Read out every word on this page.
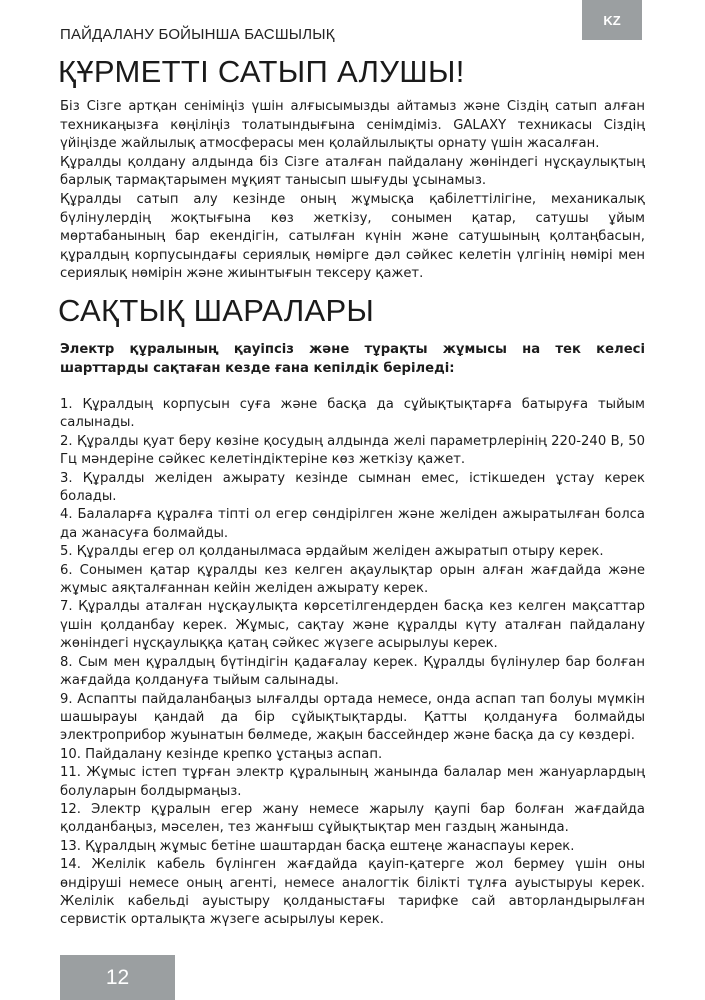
ПАЙДАЛАНУ БОЙЫНША БАСШЫЛЫҚ
KZ
ҚҰРМЕТТІ САТЫП АЛУШЫ!

Біз Сізге артқан сеніміңіз үшін алғысымызды айтамыз және Сіздің сатып алған техникаңызға көңіліңіз толатындығына сенімдіміз. GALAXY техникасы Сіздің үйіңізде жайлылық атмосферасы мен қолайлылықты орнату үшін жасалған.

Құралды қолдану алдында біз Сізге аталған пайдалану жөніндегі нұсқаулықтың барлық тармақтарымен мұқият танысып шығуды ұсынамыз.

Құралды сатып алу кезінде оның жұмысқа қабілеттілігіне, механикалық бүлінулердің жоқтығына көз жеткізу, сонымен қатар, сатушы ұйым мөртабанының бар екендігін, сатылған күнін және сатушының қолтаңбасын, құралдың корпусындағы сериялық нөмірге дәл сәйкес келетін үлгінің нөмірі мен сериялық нөмірін және жиынтығын тексеру қажет.

САҚТЫҚ ШАРАЛАРЫ

Электр құралының қауіпсіз және тұрақты жұмысы на тек келесі шарттарды сақтаған кезде ғана кепілдік беріледі:

1. Құралдың корпусын суға және басқа да сұйықтықтарға батыруға тыйым салынады.
2. Құралды қуат беру көзіне қосудың алдында желі параметрлерінің 220-240 В, 50 Гц мәндеріне сәйкес келетіндіктеріне көз жеткізу қажет.
3. Құралды желіден ажырату кезінде сымнан емес, істікшеден ұстау керек болады.
4. Балаларға құралға тіпті ол егер сөндірілген және желіден ажыратылған болса да жанасуға болмайды.
5. Құралды егер ол қолданылмаса әрдайым желіден ажыратып отыру керек.
6. Сонымен қатар құралды кез келген ақаулықтар орын алған жағдайда және жұмыс аяқталғаннан кейін желіден ажырату керек.
7. Құралды аталған нұсқаулықта көрсетілгендерден басқа кез келген мақсаттар үшін қолданбау керек. Жұмыс, сақтау және құралды күту аталған пайдалану жөніндегі нұсқаулыққа қатаң сәйкес жүзеге асырылуы керек.
8. Сым мен құралдың бүтіндігін қадағалау керек. Құралды бүлінулер бар болған жағдайда қолдануға тыйым салынады.
9. Аспапты пайдаланбаңыз ылғалды ортада немесе, онда аспап тап болуы мүмкін шашырауы қандай да бір сұйықтықтарды. Қатты қолдануға болмайды электроприбор жуынатын бөлмеде, жақын бассейндер және басқа да су көздері.
10. Пайдалану кезінде крепко ұстаңыз аспап.
11. Жұмыс істеп тұрған электр құралының жанында балалар мен жануарлардың болуларын болдырмаңыз.
12. Электр құралын егер жану немесе жарылу қаупі бар болған жағдайда қолданбаңыз, мәселен, тез жанғыш сұйықтықтар мен газдың жанында.
13. Құралдың жұмыс бетіне шаштардан басқа ештеңе жанаспауы керек.
14. Желілік кабель бүлінген жағдайда қауіп-қатерге жол бермеу үшін оны өндіруші немесе оның агенті, немесе аналогтік білікті тұлға ауыстыруы керек. Желілік кабельді ауыстыру қолданыстағы тарифке сай авторландырылған сервистік орталықта жүзеге асырылуы керек.
12
